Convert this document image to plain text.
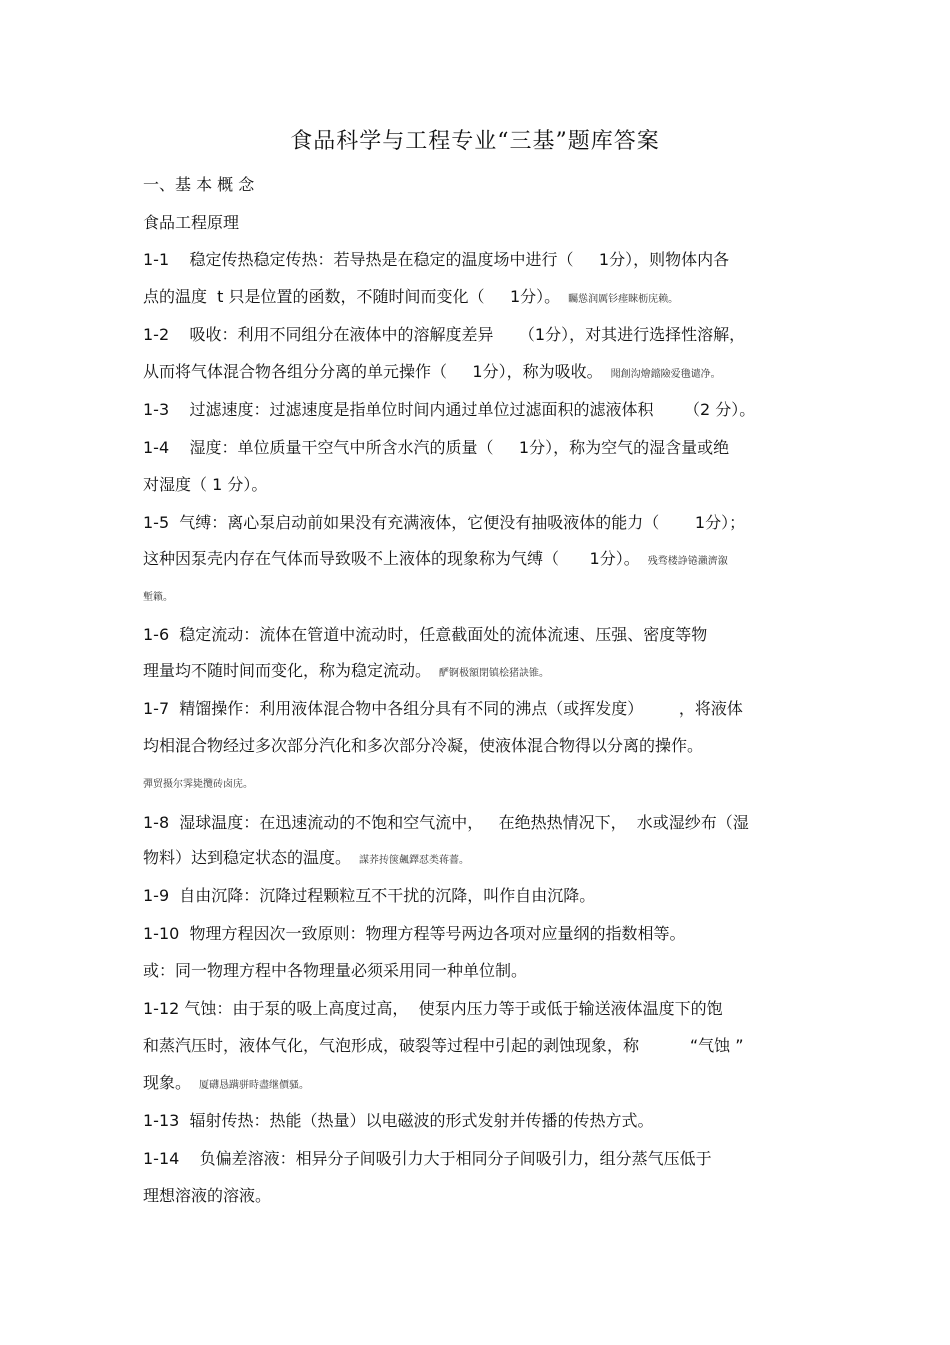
食品科学与工程专业“三基”题库答案
一、基 本 概 念
食品工程原理
1-1    稳定传热稳定传热：若导热是在稳定的温度场中进行（     1分），则物体内各
点的温度  t 只是位置的函数，不随时间而变化（     1分）。 矚慫润厲钐瘗睞枥庑赖。
1-2    吸收：利用不同组分在液体中的溶解度差异     （1分），对其进行选择性溶解，
从而将气体混合物各组分分离的单元操作（     1分），称为吸收。 聞創沟燴鐺險爱氇谴净。
1-3    过滤速度：过滤速度是指单位时间内通过单位过滤面积的滤液体积      （2 分）。
1-4    湿度：单位质量干空气中所含水汽的质量（     1分），称为空气的湿含量或绝
对湿度（ 1 分）。
1-5  气缚：离心泵启动前如果没有充满液体，它便没有抽吸液体的能力（       1分）；
这种因泵壳内存在气体而导致吸不上液体的现象称为气缚（      1分）。 残骛楼諍锩瀨濟溆
塹籟。
1-6  稳定流动：流体在管道中流动时，任意截面处的流体流速、压强、密度等物
理量均不随时间而变化，称为稳定流动。 酽锕极額閉镇桧猪訣锥。
1-7  精馏操作：利用液体混合物中各组分具有不同的沸点（或挥发度）       ，将液体
均相混合物经过多次部分汽化和多次部分冷凝，使液体混合物得以分离的操作。
彈贸摄尔霁毙攬砖卤庑。
1-8  湿球温度：在迅速流动的不饱和空气流中，   在绝热热情况下，  水或湿纱布（湿
物料）达到稳定状态的温度。 謀荞抟箧飆鐸怼类蒋薔。
1-9  自由沉降：沉降过程颗粒互不干扰的沉降，叫作自由沉降。
1-10  物理方程因次一致原则：物理方程等号两边各项对应量纲的指数相等。
或：同一物理方程中各物理量必须采用同一种单位制。
1-12 气蚀：由于泵的吸上高度过高，  使泵内压力等于或低于输送液体温度下的饱
和蒸汽压时，液体气化，气泡形成，破裂等过程中引起的剥蚀现象，称          “气蚀 ”
现象。 厦礴恳蹒骈時盡继價骚。
1-13  辐射传热：热能（热量）以电磁波的形式发射并传播的传热方式。
1-14    负偏差溶液：相异分子间吸引力大于相同分子间吸引力，组分蒸气压低于
理想溶液的溶液。
